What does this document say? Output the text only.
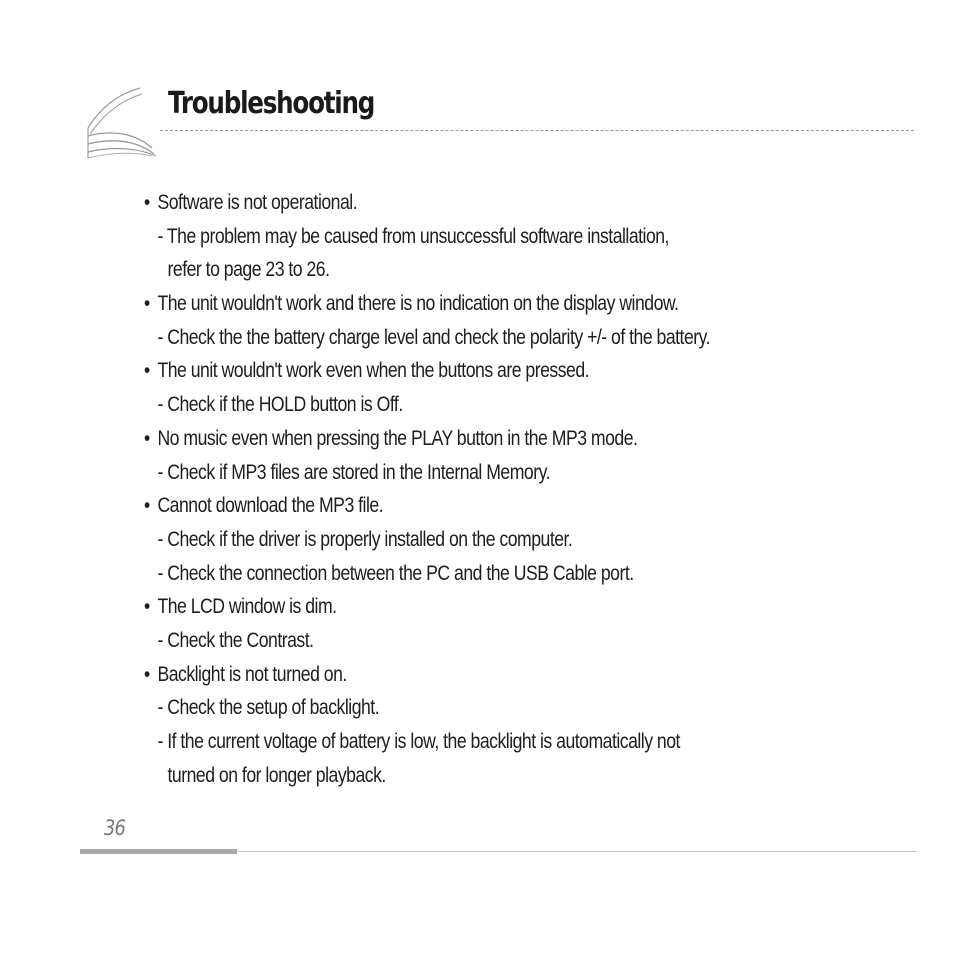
Troubleshooting
• Software is not operational.
- The problem may be caused from unsuccessful software installation,
refer to page 23 to 26.
• The unit wouldn't work and there is no indication on the display window.
- Check the the battery charge level and check the polarity +/- of the battery.
• The unit wouldn't work even when the buttons are pressed.
- Check if the HOLD button is Off.
• No music even when pressing the PLAY button in the MP3 mode.
- Check if MP3 files are stored in the Internal Memory.
• Cannot download the MP3 file.
- Check if the driver is properly installed on the computer.
- Check the connection between the PC and the USB Cable port.
• The LCD window is dim.
- Check the Contrast.
• Backlight is not turned on.
- Check the setup of backlight.
- If the current voltage of battery is low, the backlight is automatically not
turned on for longer playback.
36
